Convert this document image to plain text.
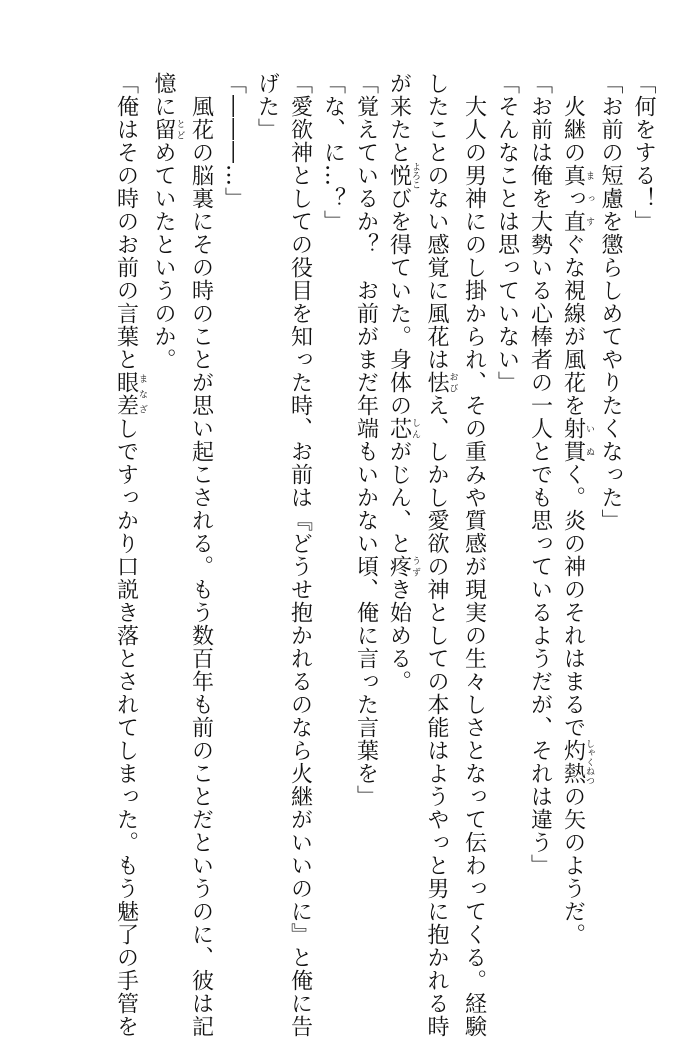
「何をする！」
「お前の短慮を懲らしめてやりたくなった」
　火継の真っ直まっすぐな視線が風花を射貫いぬく。炎の神のそれはまるで灼熱しゃくねつの矢のようだ。
「お前は俺を大勢いる心棒者の一人とでも思っているようだが、それは違う」
「そんなことは思っていない」
　大人の男神にのし掛かられ、その重みや質感が現実の生々しさとなって伝わってくる。経験
したことのない感覚に風花は怯おびえ、しかし愛欲の神としての本能はようやっと男に抱かれる時
が来たと悦よろこびを得ていた。身体の芯しんがじん、と疼うずき始める。
「覚えているか？　お前がまだ年端もいかない頃、俺に言った言葉を」
「な、に…？」
「愛欲神としての役目を知った時、お前は『どうせ抱かれるのなら火継がいいのに』と俺に告
げた」
「―――…」
　風花の脳裏にその時のことが思い起こされる。もう数百年も前のことだというのに、彼は記
憶に留とどめていたというのか。
「俺はその時のお前の言葉と眼差まなざしですっかり口説き落とされてしまった。もう魅了の手管を
